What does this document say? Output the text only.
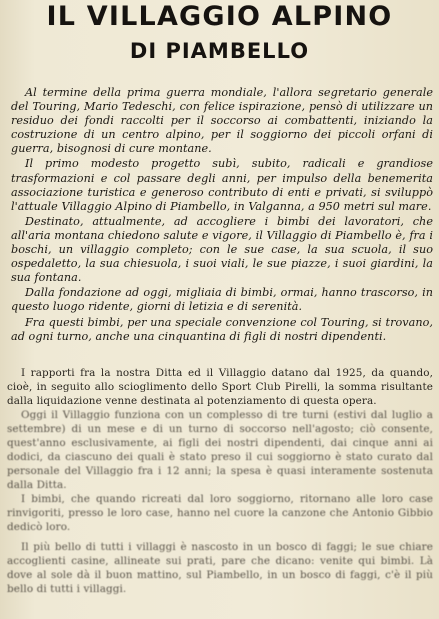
IL VILLAGGIO ALPINO
DI PIAMBELLO

Al termine della prima guerra mondiale, l'allora segretario generale del Touring, Mario Tedeschi, con felice ispirazione, pensò di utilizzare un residuo dei fondi raccolti per il soccorso ai combattenti, iniziando la costruzione di un centro alpino, per il soggiorno dei piccoli orfani di guerra, bisognosi di cure montane.

Il primo modesto progetto subì, subito, radicali e grandiose trasformazioni e col passare degli anni, per impulso della benemerita associazione turistica e generoso contributo di enti e privati, si sviluppò l'attuale Villaggio Alpino di Piambello, in Valganna, a 950 metri sul mare.

Destinato, attualmente, ad accogliere i bimbi dei lavoratori, che all'aria montana chiedono salute e vigore, il Villaggio di Piambello è, fra i boschi, un villaggio completo; con le sue case, la sua scuola, il suo ospedaletto, la sua chiesuola, i suoi viali, le sue piazze, i suoi giardini, la sua fontana.

Dalla fondazione ad oggi, migliaia di bimbi, ormai, hanno trascorso, in questo luogo ridente, giorni di letizia e di serenità.

Fra questi bimbi, per una speciale convenzione col Touring, si trovano, ad ogni turno, anche una cinquantina di figli di nostri dipendenti.

I rapporti fra la nostra Ditta ed il Villaggio datano dal 1925, da quando, cioè, in seguito allo scioglimento dello Sport Club Pirelli, la somma risultante dalla liquidazione venne destinata al potenziamento di questa opera.

Oggi il Villaggio funziona con un complesso di tre turni (estivi dal luglio a settembre) di un mese e di un turno di soccorso nell'agosto; ciò consente, quest'anno esclusivamente, ai figli dei nostri dipendenti, dai cinque anni ai dodici, da ciascuno dei quali è stato preso il cui soggiorno è stato curato dal personale del Villaggio fra i 12 anni; la spesa è quasi interamente sostenuta dalla Ditta.

I bimbi, che quando ricreati dal loro soggiorno, ritornano alle loro case rinvigoriti, presso le loro case, hanno nel cuore la canzone che Antonio Gibbio dedicò loro.

Il più bello di tutti i villaggi è nascosto in un bosco di faggi; le sue chiare accoglienti casine, allineate sui prati, pare che dicano: venite qui bimbi. Là dove al sole dà il buon mattino, sul Piambello, in un bosco di faggi, c'è il più bello di tutti i villaggi.
